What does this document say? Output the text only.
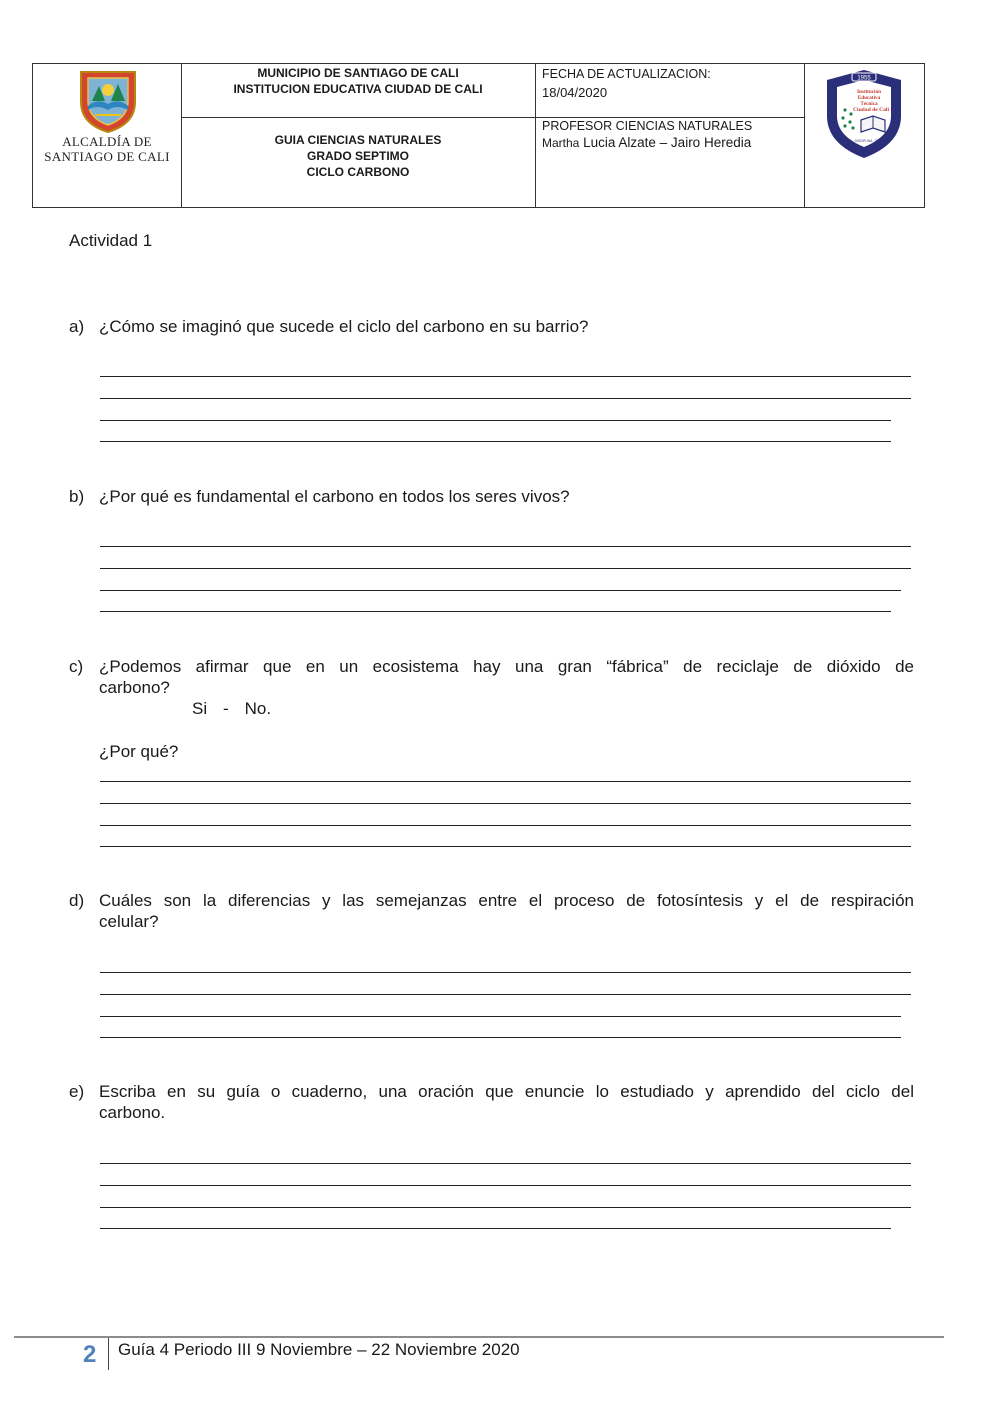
ALCALDÍA DE
SANTIAGO DE CALI
MUNICIPIO DE SANTIAGO DE CALI
INSTITUCION EDUCATIVA CIUDAD DE CALI
GUIA CIENCIAS NATURALES
GRADO SEPTIMO
CICLO CARBONO
FECHA DE ACTUALIZACION:
18/04/2020
PROFESOR CIENCIAS NATURALES
Martha Lucia Alzate – Jairo Heredia
1955
Institución
Educativa
Técnica
Ciudad de Cali
CIENCIA · DISCIPLINA · TÉCNICA
Actividad 1
a) ¿Cómo se imaginó que sucede el ciclo del carbono en su barrio?
b) ¿Por qué es fundamental el carbono en todos los seres vivos?
c) ¿Podemos afirmar que en un ecosistema hay una gran “fábrica” de reciclaje de dióxido de
carbono?
Si - No.
¿Por qué?
d) Cuáles son la diferencias y las semejanzas entre el proceso de fotosíntesis y el de respiración
celular?
e) Escriba en su guía o cuaderno, una oración que enuncie lo estudiado y aprendido del ciclo del
carbono.
2 Guía 4 Periodo III 9 Noviembre – 22 Noviembre 2020
